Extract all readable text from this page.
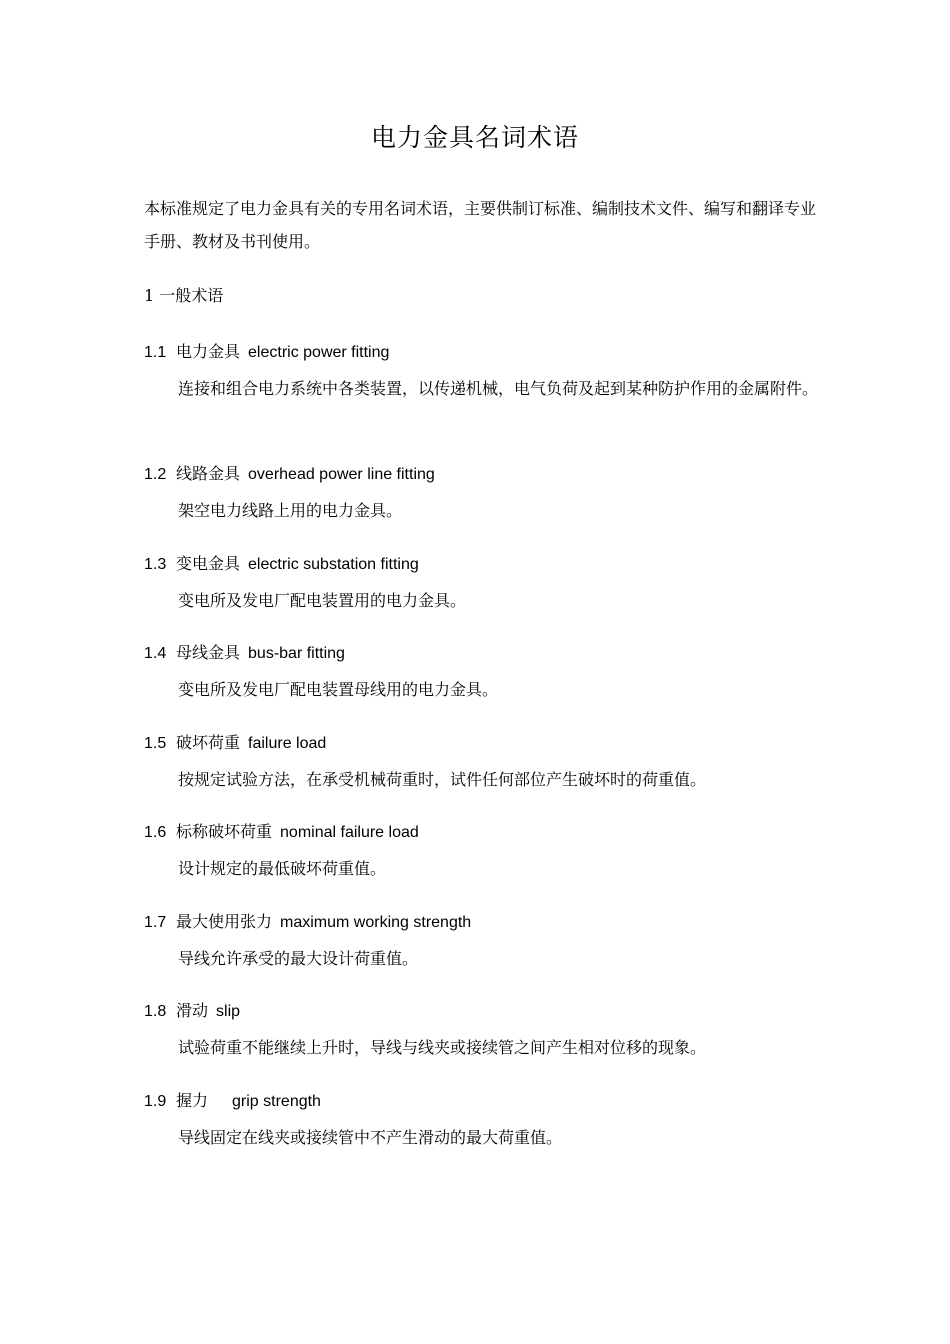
电力金具名词术语
本标准规定了电力金具有关的专用名词术语，主要供制订标准、编制技术文件、编写和翻译专业手册、教材及书刊使用。
1 一般术语
1.1 电力金具 electric power fitting
连接和组合电力系统中各类装置，以传递机械，电气负荷及起到某种防护作用的金属附件。
1.2 线路金具 overhead power line fitting
架空电力线路上用的电力金具。
1.3 变电金具 electric substation fitting
变电所及发电厂配电装置用的电力金具。
1.4 母线金具 bus-bar fitting
变电所及发电厂配电装置母线用的电力金具。
1.5 破坏荷重 failure load
按规定试验方法，在承受机械荷重时，试件任何部位产生破坏时的荷重值。
1.6 标称破坏荷重 nominal failure load
设计规定的最低破坏荷重值。
1.7 最大使用张力 maximum working strength
导线允许承受的最大设计荷重值。
1.8 滑动 slip
试验荷重不能继续上升时，导线与线夹或接续管之间产生相对位移的现象。
1.9 握力 grip strength
导线固定在线夹或接续管中不产生滑动的最大荷重值。
